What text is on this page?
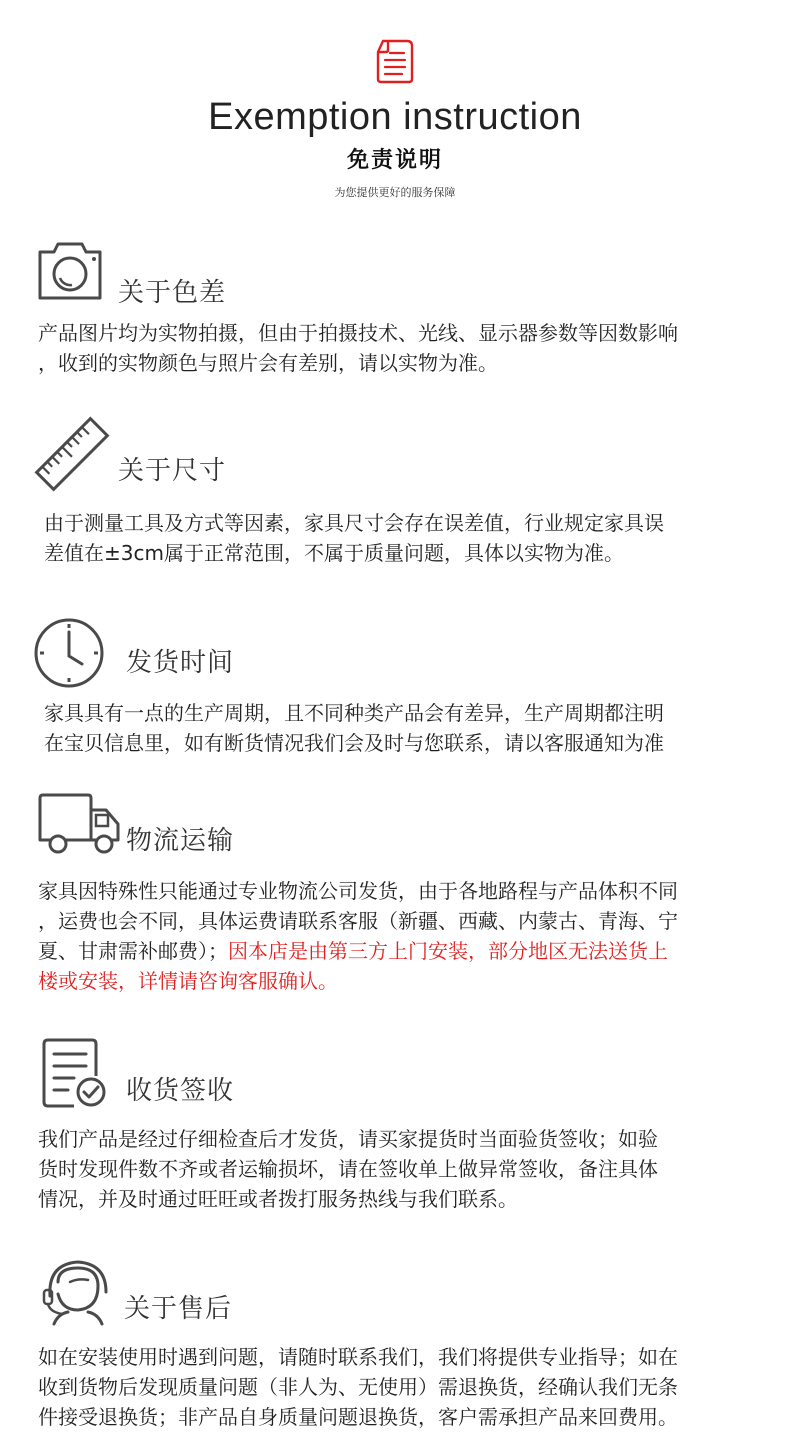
Exemption instruction
免责说明
为您提供更好的服务保障
关于色差

产品图片均为实物拍摄，但由于拍摄技术、光线、显示器参数等因数影响

，收到的实物颜色与照片会有差别，请以实物为准。

关于尺寸

由于测量工具及方式等因素，家具尺寸会存在误差值，行业规定家具误

差值在±3cm属于正常范围，不属于质量问题，具体以实物为准。

发货时间

家具具有一点的生产周期，且不同种类产品会有差异，生产周期都注明

在宝贝信息里，如有断货情况我们会及时与您联系，请以客服通知为准

物流运输

家具因特殊性只能通过专业物流公司发货，由于各地路程与产品体积不同

，运费也会不同，具体运费请联系客服（新疆、西藏、内蒙古、青海、宁

夏、甘肃需补邮费）；因本店是由第三方上门安装，部分地区无法送货上

楼或安装，详情请咨询客服确认。

收货签收

我们产品是经过仔细检查后才发货，请买家提货时当面验货签收；如验

货时发现件数不齐或者运输损坏，请在签收单上做异常签收，备注具体

情况，并及时通过旺旺或者拨打服务热线与我们联系。

关于售后

如在安装使用时遇到问题，请随时联系我们，我们将提供专业指导；如在

收到货物后发现质量问题（非人为、无使用）需退换货，经确认我们无条

件接受退换货；非产品自身质量问题退换货，客户需承担产品来回费用。
